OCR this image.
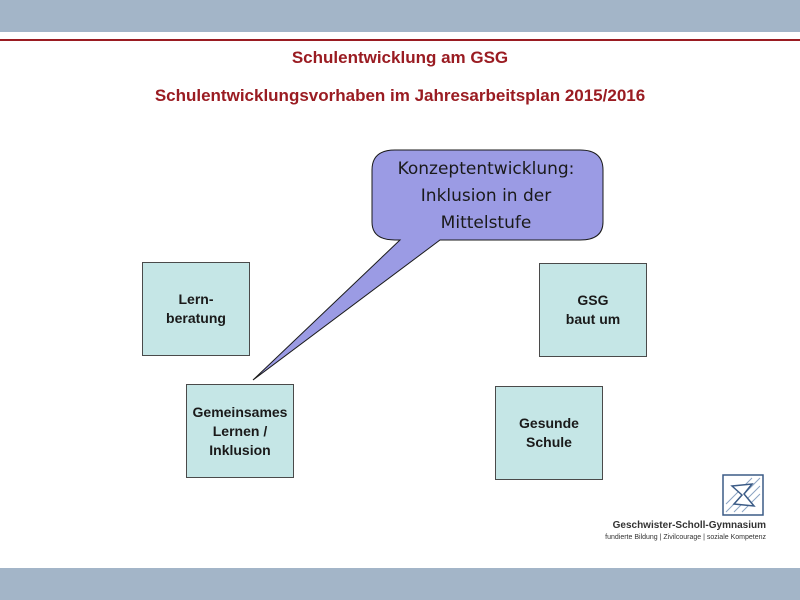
Schulentwicklung am GSG
Schulentwicklungsvorhaben im Jahresarbeitsplan 2015/2016
Konzeptentwicklung:
Inklusion in der
Mittelstufe
Lern-
beratung
GSG
baut um
Gemeinsames
Lernen /
Inklusion
Gesunde
Schule
Geschwister-Scholl-Gymnasium
fundierte Bildung | Zivilcourage | soziale Kompetenz
